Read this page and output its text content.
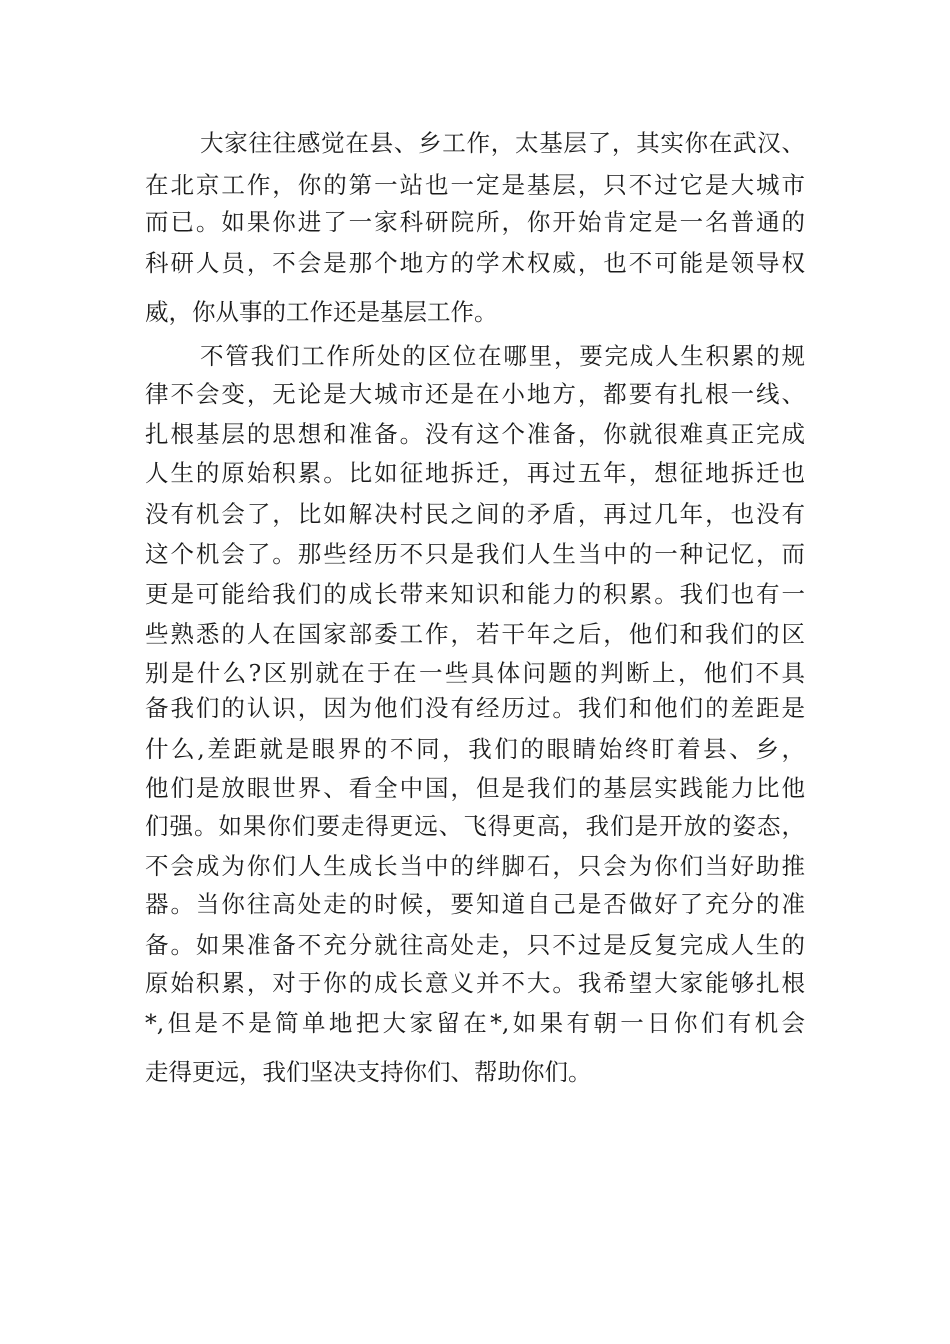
大家往往感觉在县、乡工作，太基层了，其实你在武汉、

在北京工作，你的第一站也一定是基层，只不过它是大城市

而已。如果你进了一家科研院所，你开始肯定是一名普通的

科研人员，不会是那个地方的学术权威，也不可能是领导权

威，你从事的工作还是基层工作。

不管我们工作所处的区位在哪里，要完成人生积累的规

律不会变，无论是大城市还是在小地方，都要有扎根一线、

扎根基层的思想和准备。没有这个准备，你就很难真正完成

人生的原始积累。比如征地拆迁，再过五年，想征地拆迁也

没有机会了，比如解决村民之间的矛盾，再过几年，也没有

这个机会了。那些经历不只是我们人生当中的一种记忆，而

更是可能给我们的成长带来知识和能力的积累。我们也有一

些熟悉的人在国家部委工作，若干年之后，他们和我们的区

别是什么?区别就在于在一些具体问题的判断上，他们不具

备我们的认识，因为他们没有经历过。我们和他们的差距是

什么,差距就是眼界的不同，我们的眼睛始终盯着县、乡，

他们是放眼世界、看全中国，但是我们的基层实践能力比他

们强。如果你们要走得更远、飞得更高，我们是开放的姿态，

不会成为你们人生成长当中的绊脚石，只会为你们当好助推

器。当你往高处走的时候，要知道自己是否做好了充分的准

备。如果准备不充分就往高处走，只不过是反复完成人生的

原始积累，对于你的成长意义并不大。我希望大家能够扎根

*,但是不是简单地把大家留在*,如果有朝一日你们有机会

走得更远，我们坚决支持你们、帮助你们。
